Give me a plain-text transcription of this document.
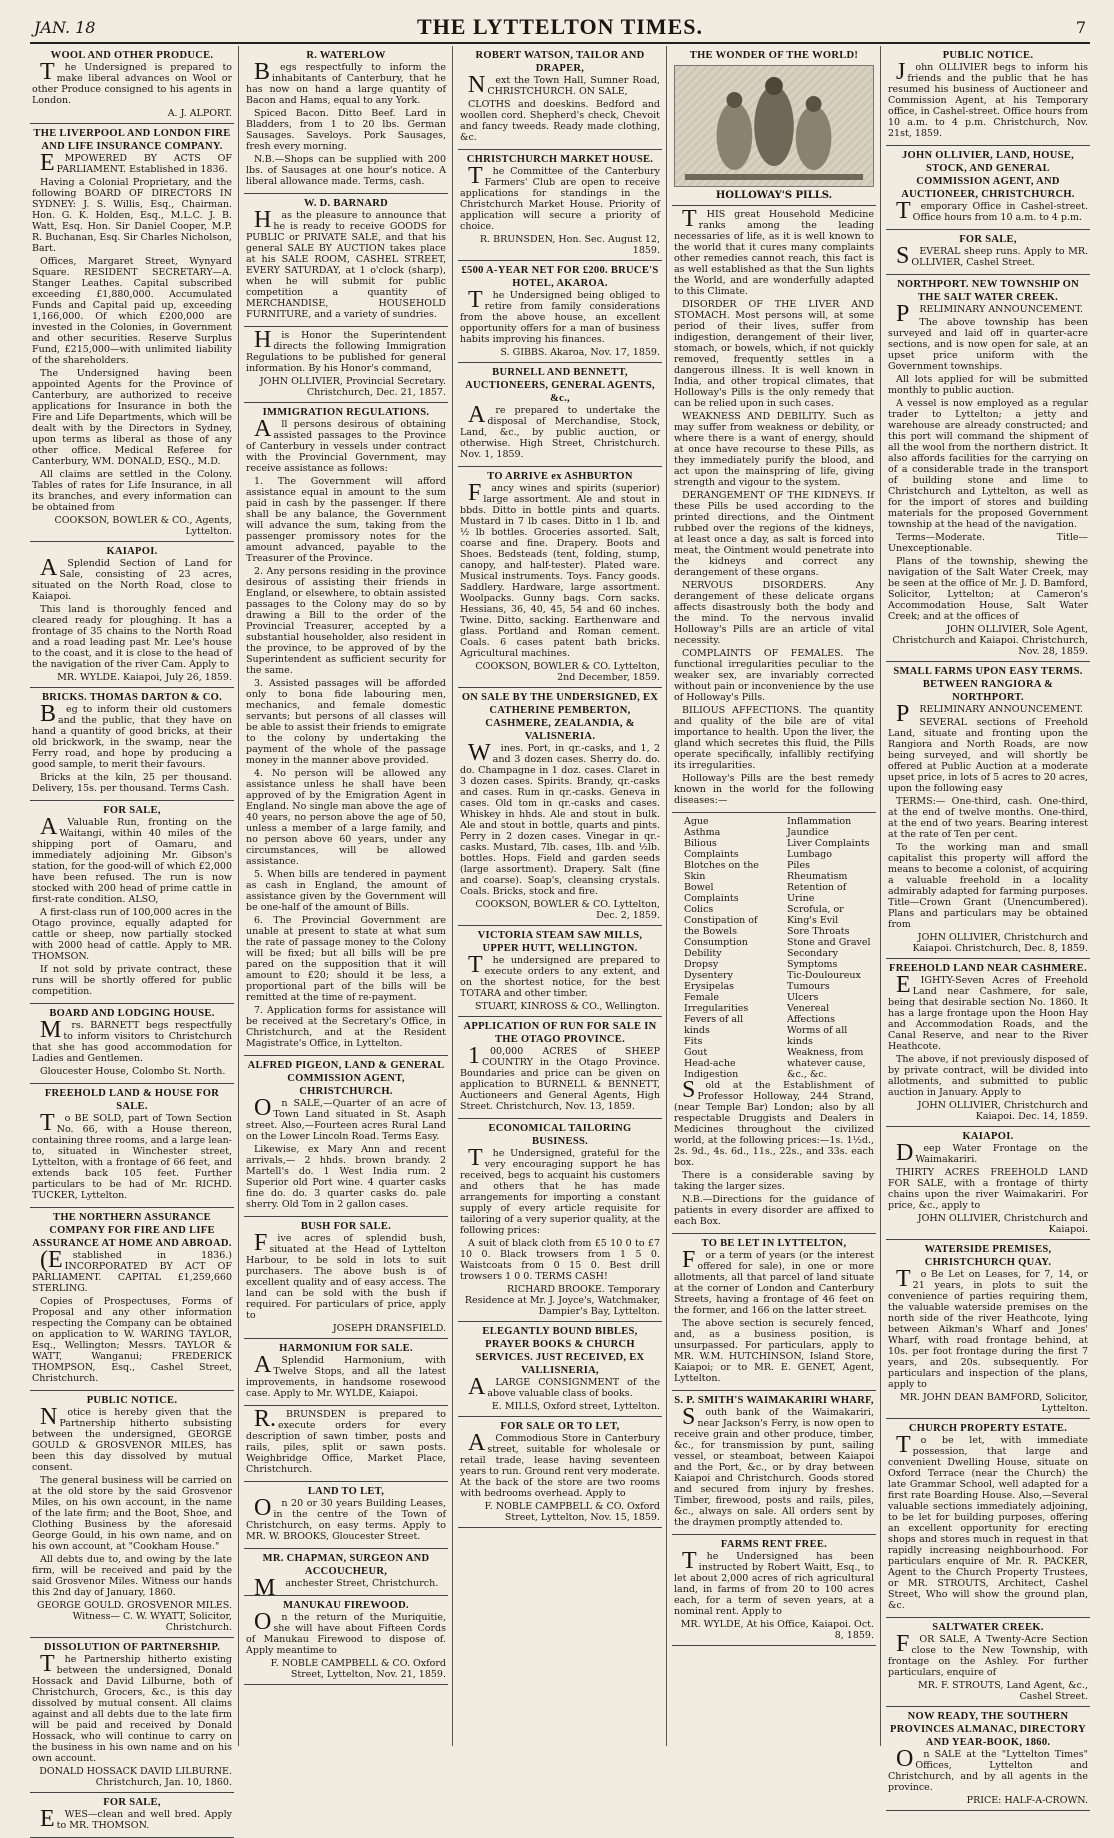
JAN. 18	THE LYTTELTON TIMES.	7
WOOL AND OTHER PRODUCE.

The Undersigned is prepared to make liberal advances on Wool or other Produce consigned to his agents in London.

A. J. ALPORT.
THE LIVERPOOL AND LONDON FIRE AND LIFE INSURANCE COMPANY.

EMPOWERED BY ACTS OF PARLIAMENT. Established in 1836.

Having a Colonial Proprietary, and the following BOARD OF DIRECTORS IN SYDNEY: J. S. Willis, Esq., Chairman. Hon. G. K. Holden, Esq., M.L.C. J. B. Watt, Esq. Hon. Sir Daniel Cooper, M.P. R. Buchanan, Esq. Sir Charles Nicholson, Bart.

Offices, Margaret Street, Wynyard Square. RESIDENT SECRETARY—A. Stanger Leathes. Capital subscribed exceeding £1,880,000. Accumulated Funds and Capital paid up, exceeding 1,166,000. Of which £200,000 are invested in the Colonies, in Government and other securities. Reserve Surplus Fund, £215,000—with unlimited liability of the shareholders.

The Undersigned having been appointed Agents for the Province of Canterbury, are authorized to receive applications for Insurance in both the Fire and Life Departments, which will be dealt with by the Directors in Sydney, upon terms as liberal as those of any other office. Medical Referee for Canterbury, WM. DONALD, ESQ., M.D.

All claims are settled in the Colony. Tables of rates for Life Insurance, in all its branches, and every information can be obtained from

COOKSON, BOWLER & CO., Agents, Lyttelton.
KAIAPOI.

ASplendid Section of Land for Sale, consisting of 23 acres, situated on the North Road, close to Kaiapoi.

This land is thoroughly fenced and cleared ready for ploughing. It has a frontage of 35 chains to the North Road and a road leading past Mr. Lee's house to the coast, and it is close to the head of the navigation of the river Cam. Apply to

MR. WYLDE. Kaiapoi, July 26, 1859.
BRICKS. THOMAS DARTON & CO.

Beg to inform their old customers and the public, that they have on hand a quantity of good bricks, at their old brickwork, in the swamp, near the Ferry road, and hope by producing a good sample, to merit their favours.

Bricks at the kiln, 25 per thousand. Delivery, 15s. per thousand. Terms Cash.

FOR SALE,

AValuable Run, fronting on the Waitangi, within 40 miles of the shipping port of Oamaru, and immediately adjoining Mr. Gibson's station, for the good-will of which £2,000 have been refused. The run is now stocked with 200 head of prime cattle in first-rate condition. ALSO,

A first-class run of 100,000 acres in the Otago province, equally adapted for cattle or sheep, now partially stocked with 2000 head of cattle. Apply to MR. THOMSON.

If not sold by private contract, these runs will be shortly offered for public competition.

BOARD AND LODGING HOUSE.

Mrs. BARNETT begs respectfully to inform visitors to Christchurch that she has good accommodation for Ladies and Gentlemen.

Gloucester House, Colombo St. North.

FREEHOLD LAND & HOUSE FOR SALE.

To BE SOLD, part of Town Section No. 66, with a House thereon, containing three rooms, and a large lean-to, situated in Winchester street, Lyttelton, with a frontage of 66 feet, and extends back 105 feet. Further particulars to be had of Mr. RICHD. TUCKER, Lyttelton.

THE NORTHERN ASSURANCE COMPANY FOR FIRE AND LIFE ASSURANCE AT HOME AND ABROAD.

(Established in 1836.) INCORPORATED BY ACT OF PARLIAMENT. CAPITAL £1,259,660 STERLING.

Copies of Prospectuses, Forms of Proposal and any other information respecting the Company can be obtained on application to W. WARING TAYLOR, Esq., Wellington; Messrs. TAYLOR & WATT, Wanganui; FREDERICK THOMPSON, Esq., Cashel Street, Christchurch.

PUBLIC NOTICE.

Notice is hereby given that the Partnership hitherto subsisting between the undersigned, GEORGE GOULD & GROSVENOR MILES, has been this day dissolved by mutual consent.

The general business will be carried on at the old store by the said Grosvenor Miles, on his own account, in the name of the late firm; and the Boot, Shoe, and Clothing Business by the aforesaid George Gould, in his own name, and on his own account, at "Cookham House."

All debts due to, and owing by the late firm, will be received and paid by the said Grosvenor Miles. Witness our hands this 2nd day of January, 1860.

GEORGE GOULD. GROSVENOR MILES. Witness— C. W. WYATT, Solicitor, Christchurch.
DISSOLUTION OF PARTNERSHIP.

The Partnership hitherto existing between the undersigned, Donald Hossack and David Lilburne, both of Christchurch, Grocers, &c., is this day dissolved by mutual consent. All claims against and all debts due to the late firm will be paid and received by Donald Hossack, who will continue to carry on the business in his own name and on his own account.

DONALD HOSSACK DAVID LILBURNE. Christchurch, Jan. 10, 1860.
FOR SALE,

EWES—clean and well bred. Apply to MR. THOMSON.

R. WATERLOW

Begs respectfully to inform the inhabitants of Canterbury, that he has now on hand a large quantity of Bacon and Hams, equal to any York.

Spiced Bacon. Ditto Beef. Lard in Bladders, from 1 to 20 lbs. German Sausages. Saveloys. Pork Sausages, fresh every morning.

N.B.—Shops can be supplied with 200 lbs. of Sausages at one hour's notice. A liberal allowance made. Terms, cash.

W. D. BARNARD

Has the pleasure to announce that he is ready to receive GOODS for PUBLIC or PRIVATE SALE, and that his general SALE BY AUCTION takes place at his SALE ROOM, CASHEL STREET, EVERY SATURDAY, at 1 o'clock (sharp), when he will submit for public competition a quantity of MERCHANDISE, HOUSEHOLD FURNITURE, and a variety of sundries.

His Honor the Superintendent directs the following Immigration Regulations to be published for general information. By his Honor's command,

JOHN OLLIVIER, Provincial Secretary. Christchurch, Dec. 21, 1857.
IMMIGRATION REGULATIONS.

All persons desirous of obtaining assisted passages to the Province of Canterbury in vessels under contract with the Provincial Government, may receive assistance as follows:

1. The Government will afford assistance equal in amount to the sum paid in cash by the passenger. If there shall be any balance, the Government will advance the sum, taking from the passenger promissory notes for the amount advanced, payable to the Treasurer of the Province.

2. Any persons residing in the province desirous of assisting their friends in England, or elsewhere, to obtain assisted passages to the Colony may do so by drawing a Bill to the order of the Provincial Treasurer, accepted by a substantial householder, also resident in the province, to be approved of by the Superintendent as sufficient security for the same.

3. Assisted passages will be afforded only to bona fide labouring men, mechanics, and female domestic servants; but persons of all classes will be able to assist their friends to emigrate to the colony by undertaking the payment of the whole of the passage money in the manner above provided.

4. No person will be allowed any assistance unless he shall have been approved of by the Emigration Agent in England. No single man above the age of 40 years, no person above the age of 50, unless a member of a large family, and no person above 60 years, under any circumstances, will be allowed assistance.

5. When bills are tendered in payment as cash in England, the amount of assistance given by the Government will be one-half of the amount of Bills.

6. The Provincial Government are unable at present to state at what sum the rate of passage money to the Colony will be fixed; but all bills will be pre pared on the supposition that it will amount to £20; should it be less, a proportional part of the bills will be remitted at the time of re-payment.

7. Application forms for assistance will be received at the Secretary's Office, in Christchurch, and at the Resident Magistrate's Office, in Lyttelton.

ALFRED PIGEON, LAND & GENERAL COMMISSION AGENT, CHRISTCHURCH.

On SALE,—Quarter of an acre of Town Land situated in St. Asaph street. Also,—Fourteen acres Rural Land on the Lower Lincoln Road. Terms Easy.

Likewise, ex Mary Ann and recent arrivals,— 2 hhds. brown brandy. 2 Martell's do. 1 West India rum. 2 Superior old Port wine. 4 quarter casks fine do. do. 3 quarter casks do. pale sherry. Old Tom in 2 gallon cases.

BUSH FOR SALE.

Five acres of splendid bush, situated at the Head of Lyttelton Harbour, to be sold in lots to suit purchasers. The above bush is of excellent quality and of easy access. The land can be sold with the bush if required. For particulars of price, apply to

JOSEPH DRANSFIELD.
HARMONIUM FOR SALE.

ASplendid Harmonium, with Twelve Stops, and all the latest improvements, in handsome rosewood case. Apply to Mr. WYLDE, Kaiapoi.

R.BRUNSDEN is prepared to execute orders for every description of sawn timber, posts and rails, piles, split or sawn posts. Weighbridge Office, Market Place, Christchurch.

LAND TO LET,

On 20 or 30 years Building Leases, in the centre of the Town of Christchurch, on easy terms. Apply to MR. W. BROOKS, Gloucester Street.

MR. CHAPMAN, SURGEON AND ACCOUCHEUR,

Manchester Street, Christchurch.

MANUKAU FIREWOOD.

On the return of the Muriquitie, she will have about Fifteen Cords of Manukau Firewood to dispose of. Apply meantime to

F. NOBLE CAMPBELL & CO. Oxford Street, Lyttelton, Nov. 21, 1859.
ROBERT WATSON, TAILOR AND DRAPER,

Next the Town Hall, Sumner Road, CHRISTCHURCH. ON SALE,

CLOTHS and doeskins. Bedford and woollen cord. Shepherd's check, Chevoit and fancy tweeds. Ready made clothing, &c.

CHRISTCHURCH MARKET HOUSE.

The Committee of the Canterbury Farmers' Club are open to receive applications for standings in the Christchurch Market House. Priority of application will secure a priority of choice.

R. BRUNSDEN, Hon. Sec. August 12, 1859.
£500 A-YEAR NET FOR £200. BRUCE'S HOTEL, AKAROA.

The Undersigned being obliged to retire from family considerations from the above house, an excellent opportunity offers for a man of business habits improving his finances.

S. GIBBS. Akaroa, Nov. 17, 1859.
BURNELL AND BENNETT, AUCTIONEERS, GENERAL AGENTS, &c.,

Are prepared to undertake the disposal of Merchandise, Stock, Land, &c., by public auction, or otherwise. High Street, Christchurch. Nov. 1, 1859.

TO ARRIVE ex ASHBURTON

Fancy wines and spirits (superior) large assortment. Ale and stout in bbds. Ditto in bottle pints and quarts. Mustard in 7 lb cases. Ditto in 1 lb. and ½ lb bottles. Groceries assorted. Salt, coarse and fine. Drapery. Boots and Shoes. Bedsteads (tent, folding, stump, canopy, and half-tester). Plated ware. Musical instruments. Toys. Fancy goods. Saddlery. Hardware, large assortment. Woolpacks. Gunny bags. Corn sacks. Hessians, 36, 40, 45, 54 and 60 inches. Twine. Ditto, sacking. Earthenware and glass. Portland and Roman cement. Coals. 6 cases patent bath bricks. Agricultural machines.

COOKSON, BOWLER & CO. Lyttelton, 2nd December, 1859.
ON SALE BY THE UNDERSIGNED, EX CATHERINE PEMBERTON, CASHMERE, ZEALANDIA, & VALISNERIA.

Wines. Port, in qr.-casks, and 1, 2 and 3 dozen cases. Sherry do. do. do. Champagne in 1 doz. cases. Claret in 3 dozen cases. Spirits. Brandy, qr.-casks and cases. Rum in qr.-casks. Geneva in cases. Old tom in qr.-casks and cases. Whiskey in hhds. Ale and stout in bulk. Ale and stout in bottle, quarts and pints. Perry in 2 dozen cases. Vinegar in qr.-casks. Mustard, 7lb. cases, 1lb. and ½lb. bottles. Hops. Field and garden seeds (large assortment). Drapery. Salt (fine and coarse). Soap's, cleansing crystals. Coals. Bricks, stock and fire.

COOKSON, BOWLER & CO. Lyttelton, Dec. 2, 1859.
VICTORIA STEAM SAW MILLS, UPPER HUTT, WELLINGTON.

The undersigned are prepared to execute orders to any extent, and on the shortest notice, for the best TOTARA and other timber.

STUART, KINROSS & CO., Wellington.
APPLICATION OF RUN FOR SALE IN THE OTAGO PROVINCE.

100,000 ACRES of SHEEP COUNTRY in the Otago Province. Boundaries and price can be given on application to BURNELL & BENNETT, Auctioneers and General Agents, High Street. Christchurch, Nov. 13, 1859.

ECONOMICAL TAILORING BUSINESS.

The Undersigned, grateful for the very encouraging support he has received, begs to acquaint his customers and others that he has made arrangements for importing a constant supply of every article requisite for tailoring of a very superior quality, at the following prices:

A suit of black cloth from £5 10 0 to £7 10 0. Black trowsers from 1 5 0. Waistcoats from 0 15 0. Best drill trowsers 1 0 0. TERMS CASH!

RICHARD BROOKE. Temporary Residence at Mr. J. Joyce's, Watchmaker, Dampier's Bay, Lyttelton.
ELEGANTLY BOUND BIBLES, PRAYER BOOKS & CHURCH SERVICES. JUST RECEIVED, EX VALLISNERIA,

ALARGE CONSIGNMENT of the above valuable class of books.

E. MILLS, Oxford street, Lyttelton.
FOR SALE OR TO LET,

ACommodious Store in Canterbury street, suitable for wholesale or retail trade, lease having seventeen years to run. Ground rent very moderate. At the back of the store are two rooms with bedrooms overhead. Apply to

F. NOBLE CAMPBELL & CO. Oxford Street, Lyttelton, Nov. 15, 1859.
THE WONDER OF THE WORLD!
HOLLOWAY'S PILLS.

THIS great Household Medicine ranks among the leading necessaries of life, as it is well known to the world that it cures many complaints other remedies cannot reach, this fact is as well established as that the Sun lights the World, and are wonderfully adapted to this Climate.

DISORDER OF THE LIVER AND STOMACH. Most persons will, at some period of their lives, suffer from indigestion, derangement of their liver, stomach, or bowels, which, if not quickly removed, frequently settles in a dangerous illness. It is well known in India, and other tropical climates, that Holloway's Pills is the only remedy that can be relied upon in such cases.

WEAKNESS AND DEBILITY. Such as may suffer from weakness or debility, or where there is a want of energy, should at once have recourse to these Pills, as they immediately purify the blood, and act upon the mainspring of life, giving strength and vigour to the system.

DERANGEMENT OF THE KIDNEYS. If these Pills be used according to the printed directions, and the Ointment rubbed over the regions of the kidneys, at least once a day, as salt is forced into meat, the Ointment would penetrate into the kidneys and correct any derangement of these organs.

NERVOUS DISORDERS. Any derangement of these delicate organs affects disastrously both the body and the mind. To the nervous invalid Holloway's Pills are an article of vital necessity.

COMPLAINTS OF FEMALES. The functional irregularities peculiar to the weaker sex, are invariably corrected without pain or inconvenience by the use of Holloway's Pills.

BILIOUS AFFECTIONS. The quantity and quality of the bile are of vital importance to health. Upon the liver, the gland which secretes this fluid, the Pills operate specifically, infallibly rectifying its irregularities.

Holloway's Pills are the best remedy known in the world for the following diseases:—

Ague
Asthma
Bilious Complaints
Blotches on the Skin
Bowel Complaints
Colics
Constipation of the Bowels
Consumption
Debility
Dropsy
Dysentery
Erysipelas
Female Irregularities
Fevers of all kinds
Fits
Gout
Head-ache
Indigestion
Inflammation
Jaundice
Liver Complaints
Lumbago
Piles
Rheumatism
Retention of Urine
Scrofula, or King's Evil
Sore Throats
Stone and Gravel
Secondary Symptoms
Tic-Douloureux
Tumours
Ulcers
Venereal Affections
Worms of all kinds
Weakness, from whatever cause, &c., &c.

Sold at the Establishment of Professor Holloway, 244 Strand, (near Temple Bar) London; also by all respectable Druggists and Dealers in Medicines throughout the civilized world, at the following prices:—1s. 1½d., 2s. 9d., 4s. 6d., 11s., 22s., and 33s. each box.

There is a considerable saving by taking the larger sizes.

N.B.—Directions for the guidance of patients in every disorder are affixed to each Box.

TO BE LET IN LYTTELTON,

For a term of years (or the interest offered for sale), in one or more allotments, all that parcel of land situate at the corner of London and Canterbury Streets, having a frontage of 46 feet on the former, and 166 on the latter street.

The above section is securely fenced, and, as a business position, is unsurpassed. For particulars, apply to MR. W.M. HUTCHINSON, Island Store, Kaiapoi; or to MR. E. GENET, Agent, Lyttelton.

S. P. SMITH'S WAIMAKARIRI WHARF,

South bank of the Waimakariri, near Jackson's Ferry, is now open to receive grain and other produce, timber, &c., for transmission by punt, sailing vessel, or steamboat, between Kaiapoi and the Port, &c., or by dray between Kaiapoi and Christchurch. Goods stored and secured from injury by freshes. Timber, firewood, posts and rails, piles, &c., always on sale. All orders sent by the draymen promptly attended to.

FARMS RENT FREE.

The Undersigned has been instructed by Robert Waitt, Esq., to let about 2,000 acres of rich agricultural land, in farms of from 20 to 100 acres each, for a term of seven years, at a nominal rent. Apply to

MR. WYLDE, At his Office, Kaiapoi. Oct. 8, 1859.
PUBLIC NOTICE.

John OLLIVIER begs to inform his friends and the public that he has resumed his business of Auctioneer and Commission Agent, at his Temporary office, in Cashel-street. Office hours from 10 a.m. to 4 p.m. Christchurch, Nov. 21st, 1859.

JOHN OLLIVIER, LAND, HOUSE, STOCK, AND GENERAL COMMISSION AGENT, AND AUCTIONEER, CHRISTCHURCH.

Temporary Office in Cashel-street. Office hours from 10 a.m. to 4 p.m.

FOR SALE,

SEVERAL sheep runs. Apply to MR. OLLIVIER, Cashel Street.

NORTHPORT. NEW TOWNSHIP ON THE SALT WATER CREEK.

PRELIMINARY ANNOUNCEMENT.

The above township has been surveyed and laid off in quarter-acre sections, and is now open for sale, at an upset price uniform with the Government townships.

All lots applied for will be submitted monthly to public auction.

A vessel is now employed as a regular trader to Lyttelton; a jetty and warehouse are already constructed; and this port will command the shipment of all the wool from the northern district. It also affords facilities for the carrying on of a considerable trade in the transport of building stone and lime to Christchurch and Lyttelton, as well as for the import of stores and building materials for the proposed Government township at the head of the navigation.

Terms—Moderate. Title—Unexceptionable.

Plans of the township, shewing the navigation of the Salt Water Creek, may be seen at the office of Mr. J. D. Bamford, Solicitor, Lyttelton; at Cameron's Accommodation House, Salt Water Creek; and at the offices of

JOHN OLLIVIER, Sole Agent, Christchurch and Kaiapoi. Christchurch, Nov. 28, 1859.
SMALL FARMS UPON EASY TERMS. BETWEEN RANGIORA & NORTHPORT.

PRELIMINARY ANNOUNCEMENT.

SEVERAL sections of Freehold Land, situate and fronting upon the Rangiora and North Roads, are now being surveyed, and will shortly be offered at Public Auction at a moderate upset price, in lots of 5 acres to 20 acres, upon the following easy

TERMS:— One-third, cash. One-third, at the end of twelve months. One-third, at the end of two years. Bearing interest at the rate of Ten per cent.

To the working man and small capitalist this property will afford the means to become a colonist, of acquiring a valuable freehold in a locality admirably adapted for farming purposes. Title—Crown Grant (Unencumbered). Plans and particulars may be obtained from

JOHN OLLIVIER, Christchurch and Kaiapoi. Christchurch, Dec. 8, 1859.
FREEHOLD LAND NEAR CASHMERE.

EIGHTY-Seven Acres of Freehold Land near Cashmere, for sale, being that desirable section No. 1860. It has a large frontage upon the Hoon Hay and Accommodation Roads, and the Canal Reserve, and near to the River Heathcote.

The above, if not previously disposed of by private contract, will be divided into allotments, and submitted to public auction in January. Apply to

JOHN OLLIVIER, Christchurch and Kaiapoi. Dec. 14, 1859.
KAIAPOI.

Deep Water Frontage on the Waimakariri.

THIRTY ACRES FREEHOLD LAND FOR SALE, with a frontage of thirty chains upon the river Waimakariri. For price, &c., apply to

JOHN OLLIVIER, Christchurch and Kaiapoi.
WATERSIDE PREMISES, CHRISTCHURCH QUAY.

To Be Let on Leases, for 7, 14, or 21 years, in plots to suit the convenience of parties requiring them, the valuable waterside premises on the north side of the river Heathcote, lying between Aikman's Wharf and Jones' Wharf, with road frontage behind, at 10s. per foot frontage during the first 7 years, and 20s. subsequently. For particulars and inspection of the plans, apply to

MR. JOHN DEAN BAMFORD, Solicitor, Lyttelton.
CHURCH PROPERTY ESTATE.

To be let, with immediate possession, that large and convenient Dwelling House, situate on Oxford Terrace (near the Church) the late Grammar School, well adapted for a first rate Boarding House. Also,—Several valuable sections immediately adjoining, to be let for building purposes, offering an excellent opportunity for erecting shops and stores much in request in that rapidly increasing neighbourhood. For particulars enquire of Mr. R. PACKER, Agent to the Church Property Trustees, or MR. STROUTS, Architect, Cashel Street, Who will show the ground plan, &c.

SALTWATER CREEK.

FOR SALE, A Twenty-Acre Section close to the New Township, with frontage on the Ashley. For further particulars, enquire of

MR. F. STROUTS, Land Agent, &c., Cashel Street.
NOW READY, THE SOUTHERN PROVINCES ALMANAC, DIRECTORY AND YEAR-BOOK, 1860.

On SALE at the "Lyttelton Times" Offices, Lyttelton and Christchurch, and by all agents in the province.

PRICE: HALF-A-CROWN.
